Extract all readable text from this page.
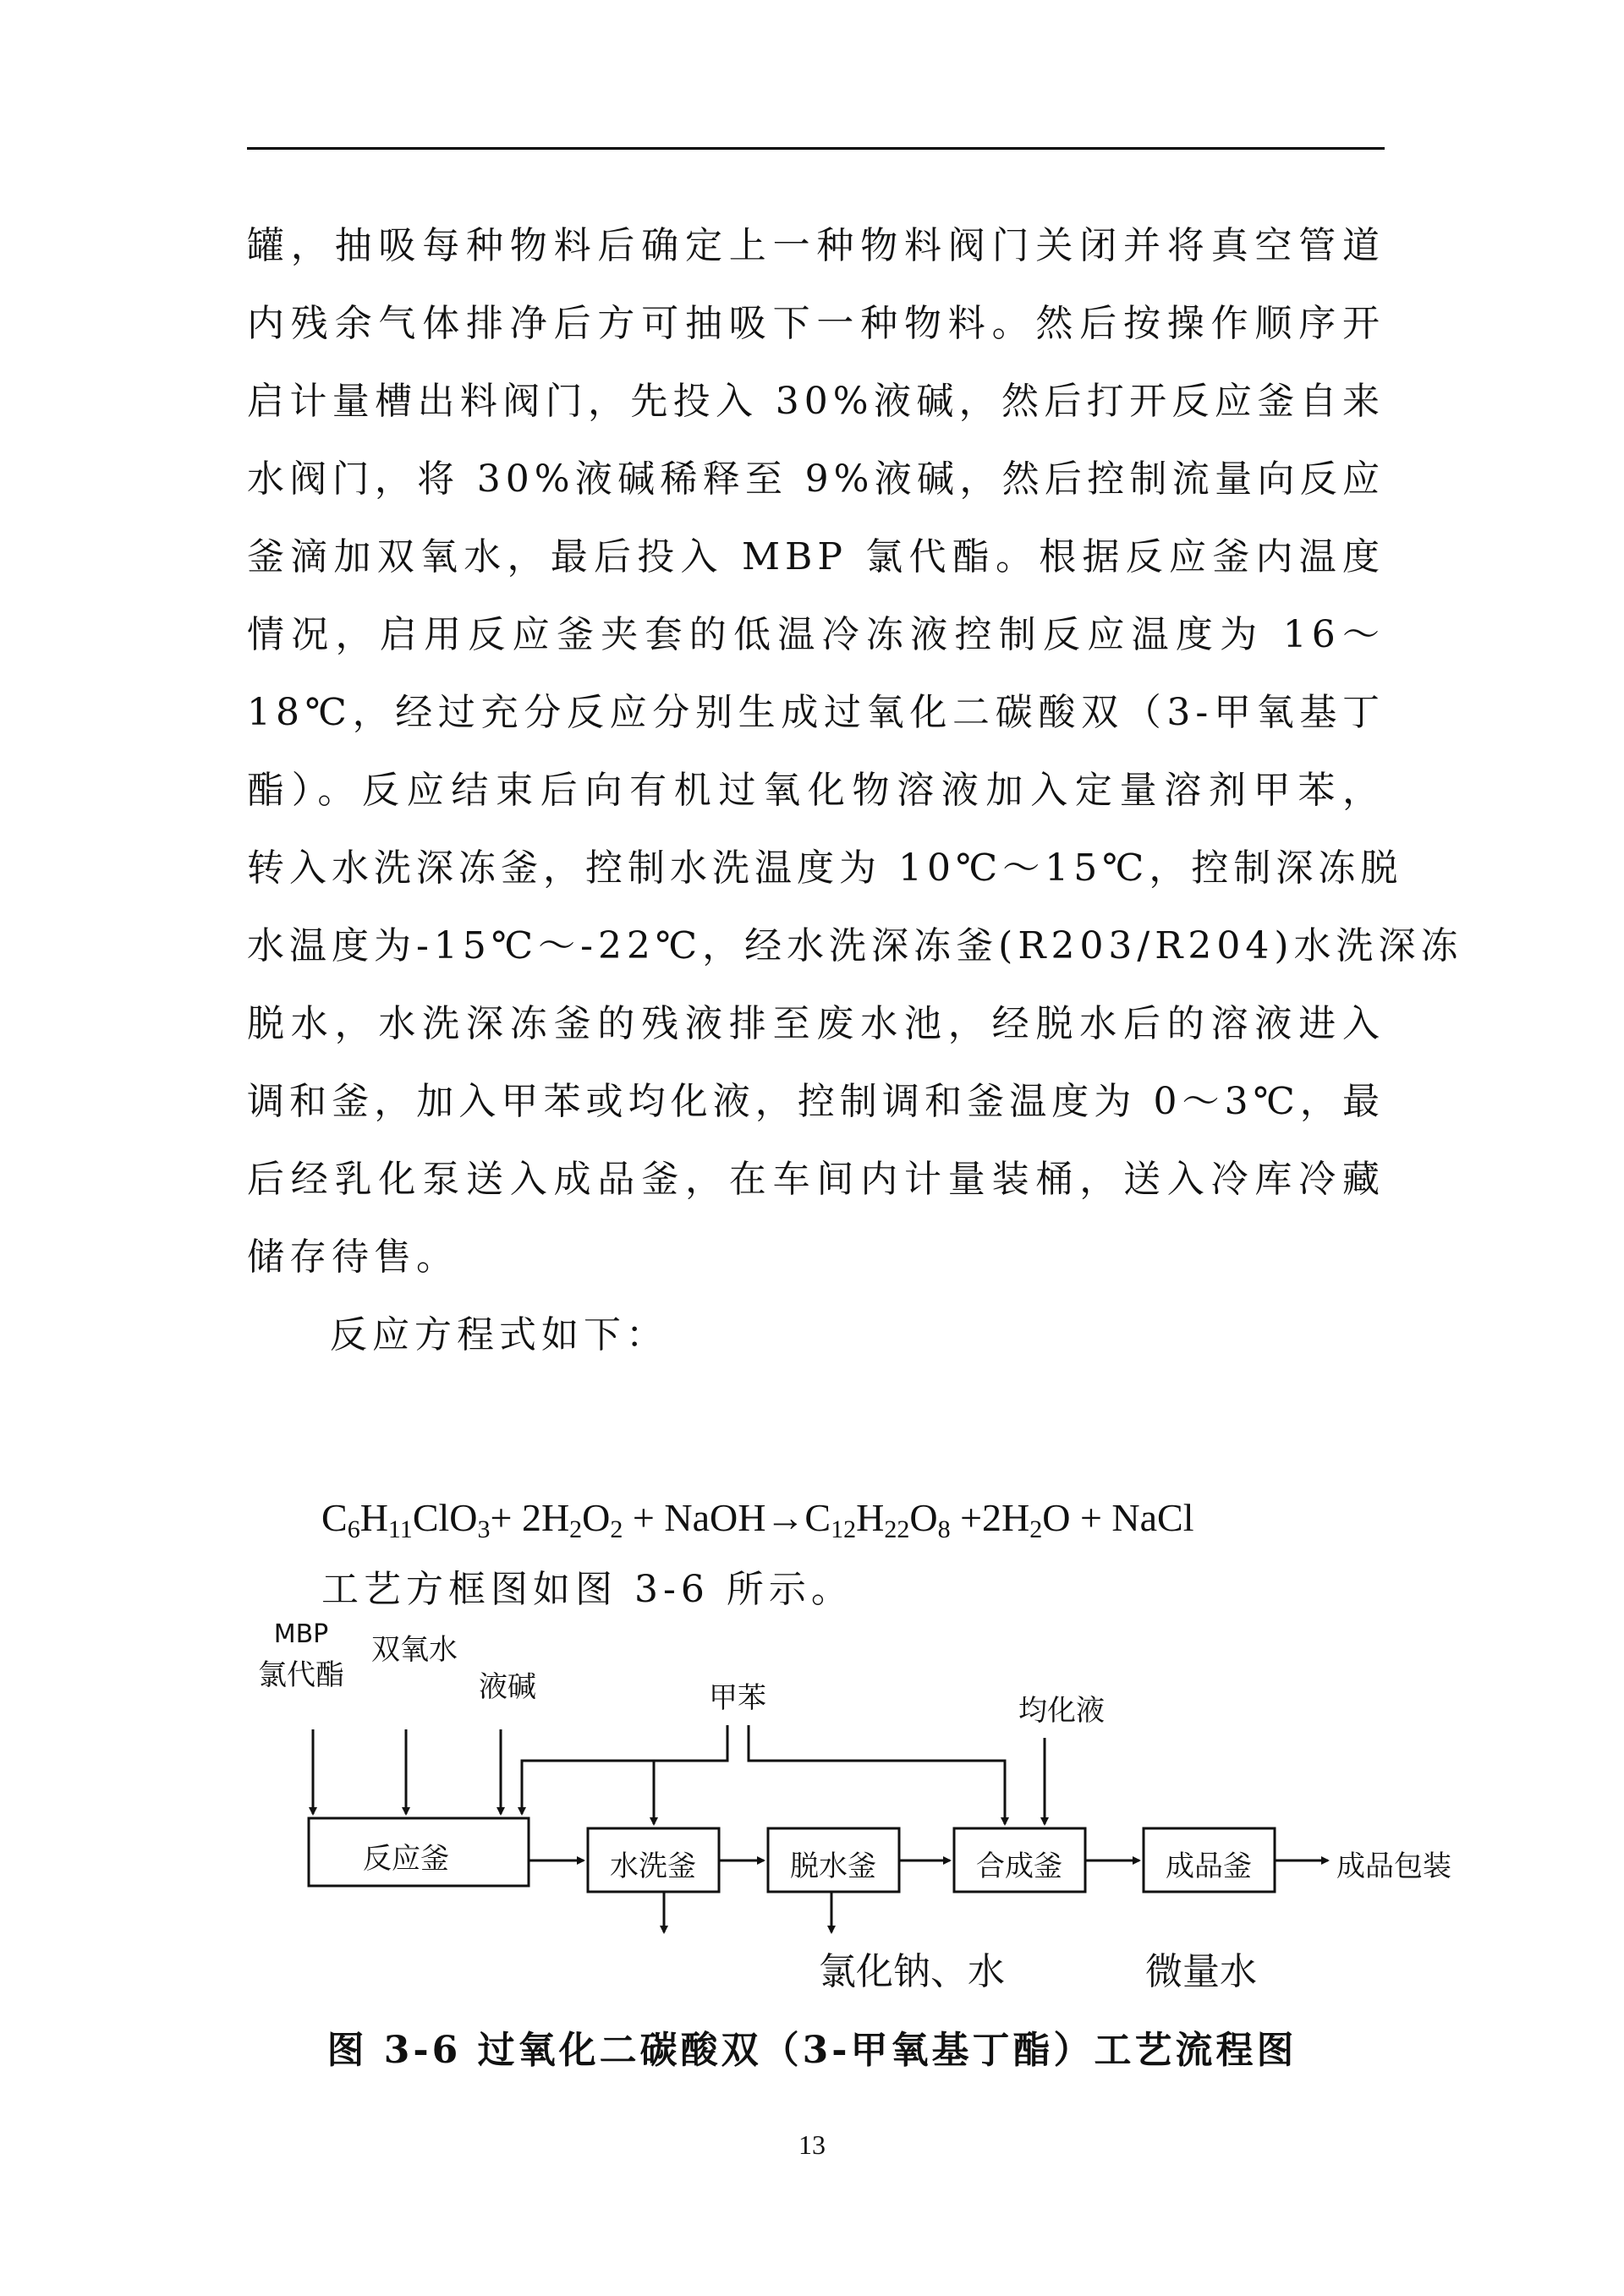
罐，抽吸每种物料后确定上一种物料阀门关闭并将真空管道
内残余气体排净后方可抽吸下一种物料。然后按操作顺序开
启计量槽出料阀门，先投入 30%液碱，然后打开反应釜自来
水阀门，将 30%液碱稀释至 9%液碱，然后控制流量向反应
釜滴加双氧水，最后投入 MBP 氯代酯。根据反应釜内温度
情况，启用反应釜夹套的低温冷冻液控制反应温度为 16～
18℃，经过充分反应分别生成过氧化二碳酸双（3-甲氧基丁
酯）。反应结束后向有机过氧化物溶液加入定量溶剂甲苯，
转入水洗深冻釜，控制水洗温度为 10℃～15℃，控制深冻脱
水温度为-15℃～-22℃，经水洗深冻釜(R203/R204)水洗深冻
脱水，水洗深冻釜的残液排至废水池，经脱水后的溶液进入
调和釜，加入甲苯或均化液，控制调和釜温度为 0～3℃，最
后经乳化泵送入成品釜，在车间内计量装桶，送入冷库冷藏
储存待售。
反应方程式如下：
$C_6H_{11}ClO_3+ 2H_2O_2$ + $NaOH\to C_{12}H_{22}O_8 +2H_2O$ + NaCl
工艺方框图如图 3-6 所示。
MBP
氯代酯
双氧水
液碱	甲苯	均化液
反应釜	水洗釜	脱水釜	合成釜	成品釜	成品包装
氯化钠、水	微量水
图 3-6 过氧化二碳酸双（3-甲氧基丁酯）工艺流程图
13
